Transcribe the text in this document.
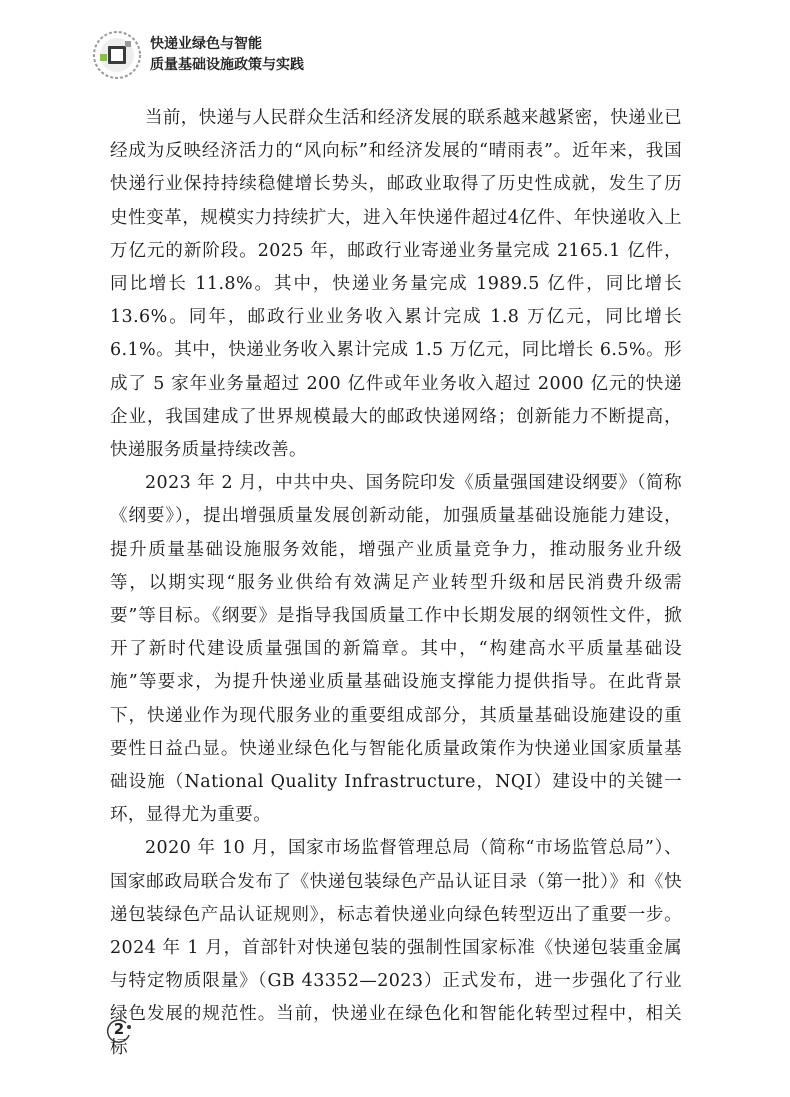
快递业绿色与智能
质量基础设施政策与实践

当前，快递与人民群众生活和经济发展的联系越来越紧密，快递业已经成为反映经济活力的“风向标”和经济发展的“晴雨表”。近年来，我国快递行业保持持续稳健增长势头，邮政业取得了历史性成就，发生了历史性变革，规模实力持续扩大，进入年快递件超过4亿件、年快递收入上万亿元的新阶段。2025 年，邮政行业寄递业务量完成 2165.1 亿件，同比增长 11.8%。其中，快递业务量完成 1989.5 亿件，同比增长 13.6%。同年，邮政行业业务收入累计完成 1.8 万亿元，同比增长 6.1%。其中，快递业务收入累计完成 1.5 万亿元，同比增长 6.5%。形成了 5 家年业务量超过 200 亿件或年业务收入超过 2000 亿元的快递企业，我国建成了世界规模最大的邮政快递网络；创新能力不断提高，快递服务质量持续改善。

2023 年 2 月，中共中央、国务院印发《质量强国建设纲要》（简称《纲要》），提出增强质量发展创新动能，加强质量基础设施能力建设，提升质量基础设施服务效能，增强产业质量竞争力，推动服务业升级等，以期实现“服务业供给有效满足产业转型升级和居民消费升级需要”等目标。《纲要》是指导我国质量工作中长期发展的纲领性文件，掀开了新时代建设质量强国的新篇章。其中，“构建高水平质量基础设施”等要求，为提升快递业质量基础设施支撑能力提供指导。在此背景下，快递业作为现代服务业的重要组成部分，其质量基础设施建设的重要性日益凸显。快递业绿色化与智能化质量政策作为快递业国家质量基础设施（National Quality Infrastructure，NQI）建设中的关键一环，显得尤为重要。

2020 年 10 月，国家市场监督管理总局（简称“市场监管总局”）、国家邮政局联合发布了《快递包装绿色产品认证目录（第一批）》和《快递包装绿色产品认证规则》，标志着快递业向绿色转型迈出了重要一步。2024 年 1 月，首部针对快递包装的强制性国家标准《快递包装重金属与特定物质限量》（GB 43352—2023）正式发布，进一步强化了行业绿色发展的规范性。当前，快递业在绿色化和智能化转型过程中，相关标

2
